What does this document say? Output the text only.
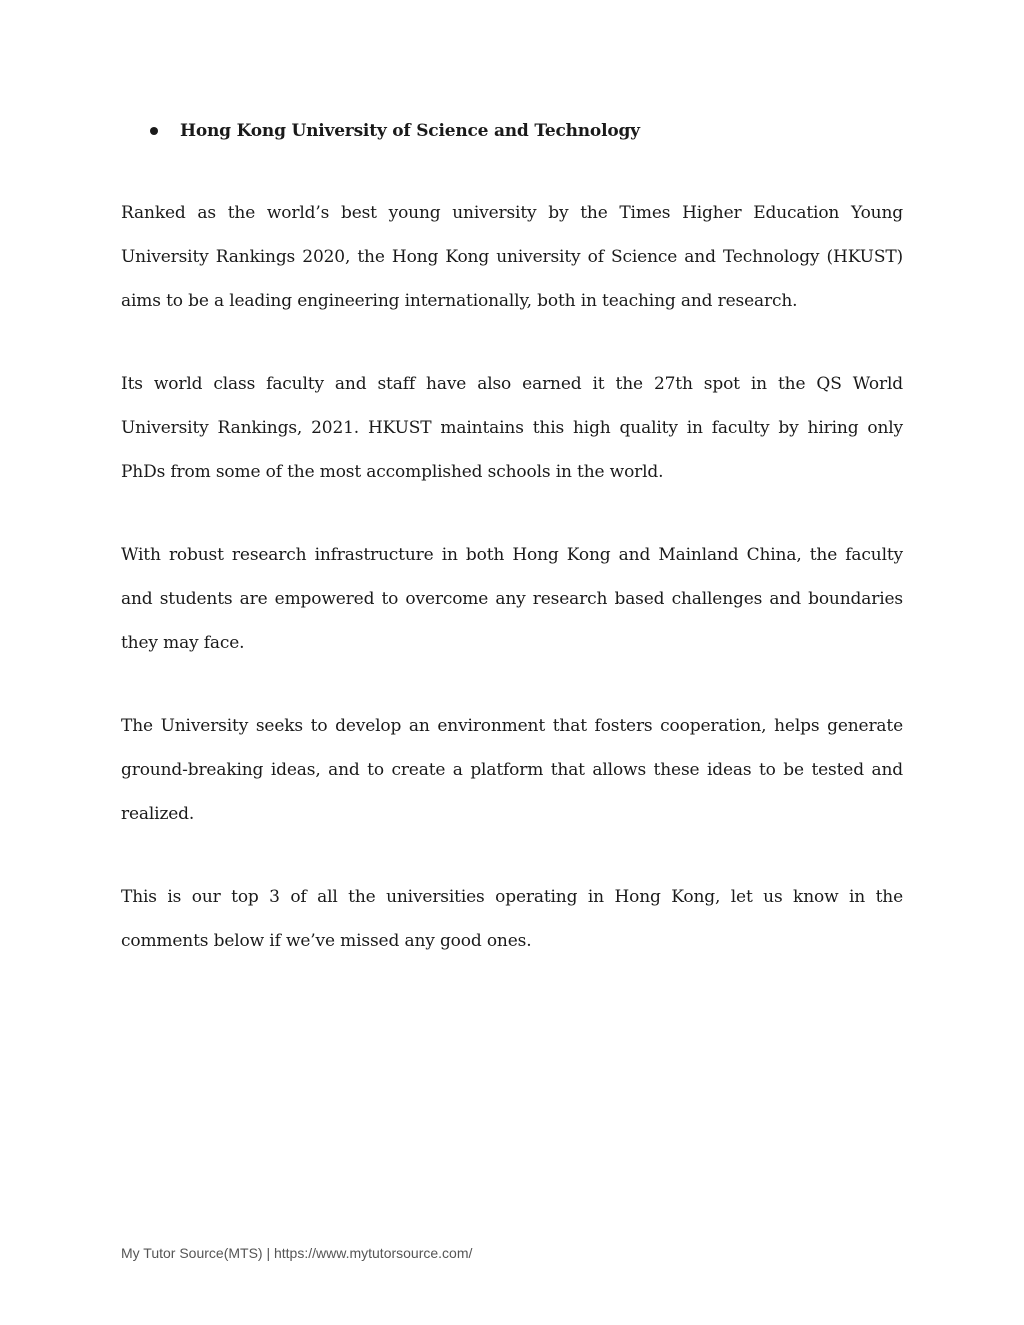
Hong Kong University of Science and Technology

Ranked as the world’s best young university by the Times Higher Education Young University Rankings 2020, the Hong Kong university of Science and Technology (HKUST) aims to be a leading engineering internationally, both in teaching and research.

Its world class faculty and staff have also earned it the 27th spot in the QS World University Rankings, 2021. HKUST maintains this high quality in faculty by hiring only PhDs from some of the most accomplished schools in the world.

With robust research infrastructure in both Hong Kong and Mainland China, the faculty and students are empowered to overcome any research based challenges and boundaries they may face.

The University seeks to develop an environment that fosters cooperation, helps generate ground-breaking ideas, and to create a platform that allows these ideas to be tested and realized.

This is our top 3 of all the universities operating in Hong Kong, let us know in the comments below if we’ve missed any good ones.

My Tutor Source(MTS) | https://www.mytutorsource.com/
